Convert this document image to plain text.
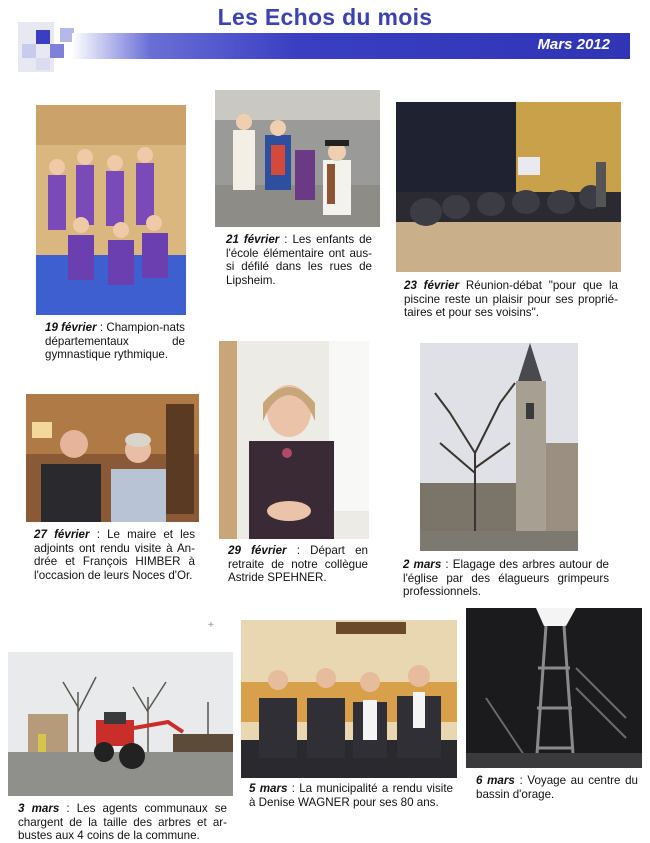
Les Echos du mois
Mars 2012
+
19 février : Champion-nats départementaux de gymnastique rythmique.
21 février : Les enfants de l'école élémentaire ont aus-si défilé dans les rues de Lipsheim.	23 février Réunion-débat "pour que la piscine reste un plaisir pour ses proprié-taires et pour ses voisins".
27 février : Le maire et les adjoints ont rendu visite à An-drée et François HIMBER à l'occasion de leurs Noces d'Or.
29 février : Départ en retraite de notre collègue Astride SPEHNER.
2 mars : Elagage des arbres autour de l'église par des élagueurs grimpeurs professionnels.
3 mars : Les agents communaux se chargent de la taille des arbres et ar-bustes aux 4 coins de la commune.
5 mars : La municipalité a rendu visite à Denise WAGNER pour ses 80 ans.
6 mars : Voyage au centre du bassin d'orage.
